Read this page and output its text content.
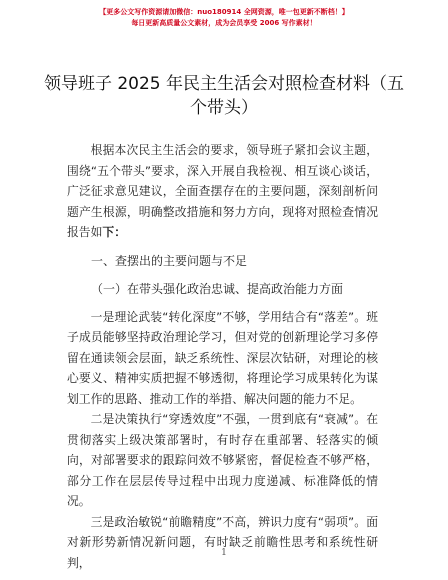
【更多公文写作资源请加微信：nuo180914 全网资源，唯一包更新不断档！】
每日更新高质量公文素材，成为会员享受 2006 写作素材！
领导班子 2025 年民主生活会对照检查材料（五个带头）

根据本次民主生活会的要求，领导班子紧扣会议主题，围绕“五个带头”要求，深入开展自我检视、相互谈心谈话，广泛征求意见建议，全面查摆存在的主要问题，深刻剖析问题产生根源，明确整改措施和努力方向，现将对照检查情况报告如下：

一、查摆出的主要问题与不足

（一）在带头强化政治忠诚、提高政治能力方面

一是理论武装“转化深度”不够，学用结合有“落差”。班子成员能够坚持政治理论学习，但对党的创新理论学习多停留在通读领会层面，缺乏系统性、深层次钻研，对理论的核心要义、精神实质把握不够透彻，将理论学习成果转化为谋划工作的思路、推动工作的举措、解决问题的能力不足。

二是决策执行“穿透效度”不强，一贯到底有“衰减”。在贯彻落实上级决策部署时，有时存在重部署、轻落实的倾向，对部署要求的跟踪问效不够紧密，督促检查不够严格，部分工作在层层传导过程中出现力度递减、标准降低的情况。

三是政治敏锐“前瞻精度”不高，辨识力度有“弱项”。面对新形势新情况新问题，有时缺乏前瞻性思考和系统性研判，

1
